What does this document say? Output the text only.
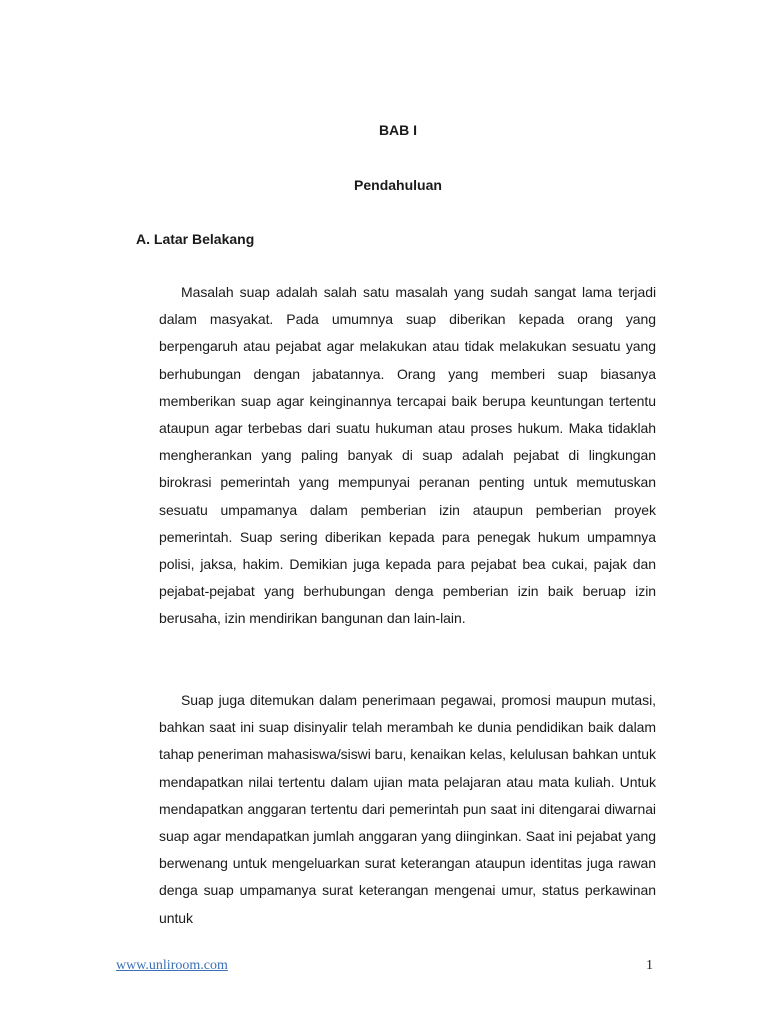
BAB I
Pendahuluan
A. Latar Belakang

Masalah suap adalah salah satu masalah yang sudah sangat lama terjadi dalam masyakat. Pada umumnya suap diberikan kepada orang yang berpengaruh atau pejabat agar melakukan atau tidak melakukan sesuatu yang berhubungan dengan jabatannya. Orang yang memberi suap biasanya memberikan suap agar keinginannya tercapai baik berupa keuntungan tertentu ataupun agar terbebas dari suatu hukuman atau proses hukum. Maka tidaklah mengherankan yang paling banyak di suap adalah pejabat di lingkungan birokrasi pemerintah yang mempunyai peranan penting untuk memutuskan sesuatu umpamanya dalam pemberian izin ataupun pemberian proyek pemerintah. Suap sering diberikan kepada para penegak hukum umpamnya polisi, jaksa, hakim. Demikian juga kepada para pejabat bea cukai, pajak dan pejabat-pejabat yang berhubungan denga pemberian izin baik beruap izin berusaha, izin mendirikan bangunan dan lain-lain.

Suap juga ditemukan dalam penerimaan pegawai, promosi maupun mutasi, bahkan saat ini suap disinyalir telah merambah ke dunia pendidikan baik dalam tahap peneriman mahasiswa/siswi baru, kenaikan kelas, kelulusan bahkan untuk mendapatkan nilai tertentu dalam ujian mata pelajaran atau mata kuliah. Untuk mendapatkan anggaran tertentu dari pemerintah pun saat ini ditengarai diwarnai suap agar mendapatkan jumlah anggaran yang diinginkan. Saat ini pejabat yang berwenang untuk mengeluarkan surat keterangan ataupun identitas juga rawan denga suap umpamanya surat keterangan mengenai umur, status perkawinan untuk

www.unliroom.com	1
